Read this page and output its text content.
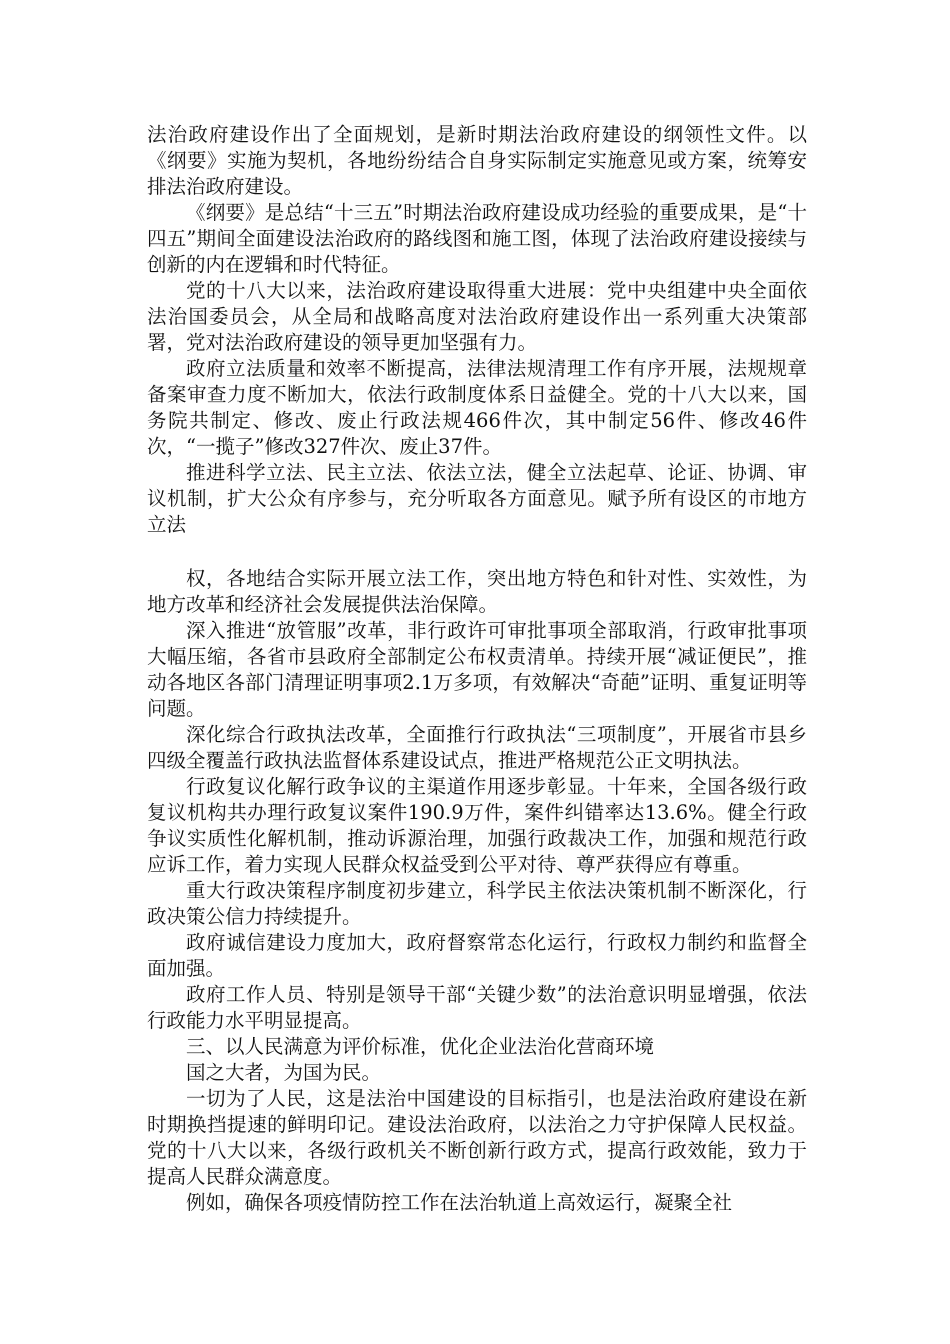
法治政府建设作出了全面规划，是新时期法治政府建设的纲领性文件。以《纲要》实施为契机，各地纷纷结合自身实际制定实施意见或方案，统筹安排法治政府建设。

《纲要》是总结“十三五”时期法治政府建设成功经验的重要成果，是“十四五”期间全面建设法治政府的路线图和施工图，体现了法治政府建设接续与创新的内在逻辑和时代特征。

党的十八大以来，法治政府建设取得重大进展：党中央组建中央全面依法治国委员会，从全局和战略高度对法治政府建设作出一系列重大决策部署，党对法治政府建设的领导更加坚强有力。

政府立法质量和效率不断提高，法律法规清理工作有序开展，法规规章备案审查力度不断加大，依法行政制度体系日益健全。党的十八大以来，国务院共制定、修改、废止行政法规466件次，其中制定56件、修改46件次，“一揽子”修改327件次、废止37件。

推进科学立法、民主立法、依法立法，健全立法起草、论证、协调、审议机制，扩大公众有序参与，充分听取各方面意见。赋予所有设区的市地方立法

权，各地结合实际开展立法工作，突出地方特色和针对性、实效性，为地方改革和经济社会发展提供法治保障。

深入推进“放管服”改革，非行政许可审批事项全部取消，行政审批事项大幅压缩，各省市县政府全部制定公布权责清单。持续开展“减证便民”，推动各地区各部门清理证明事项2.1万多项，有效解决“奇葩”证明、重复证明等问题。

深化综合行政执法改革，全面推行行政执法“三项制度”，开展省市县乡四级全覆盖行政执法监督体系建设试点，推进严格规范公正文明执法。

行政复议化解行政争议的主渠道作用逐步彰显。十年来，全国各级行政复议机构共办理行政复议案件190.9万件，案件纠错率达13.6%。健全行政争议实质性化解机制，推动诉源治理，加强行政裁决工作，加强和规范行政应诉工作，着力实现人民群众权益受到公平对待、尊严获得应有尊重。

重大行政决策程序制度初步建立，科学民主依法决策机制不断深化，行政决策公信力持续提升。

政府诚信建设力度加大，政府督察常态化运行，行政权力制约和监督全面加强。

政府工作人员、特别是领导干部“关键少数”的法治意识明显增强，依法行政能力水平明显提高。

三、以人民满意为评价标准，优化企业法治化营商环境

国之大者，为国为民。

一切为了人民，这是法治中国建设的目标指引，也是法治政府建设在新时期换挡提速的鲜明印记。建设法治政府，以法治之力守护保障人民权益。党的十八大以来，各级行政机关不断创新行政方式，提高行政效能，致力于提高人民群众满意度。

例如，确保各项疫情防控工作在法治轨道上高效运行，凝聚全社
